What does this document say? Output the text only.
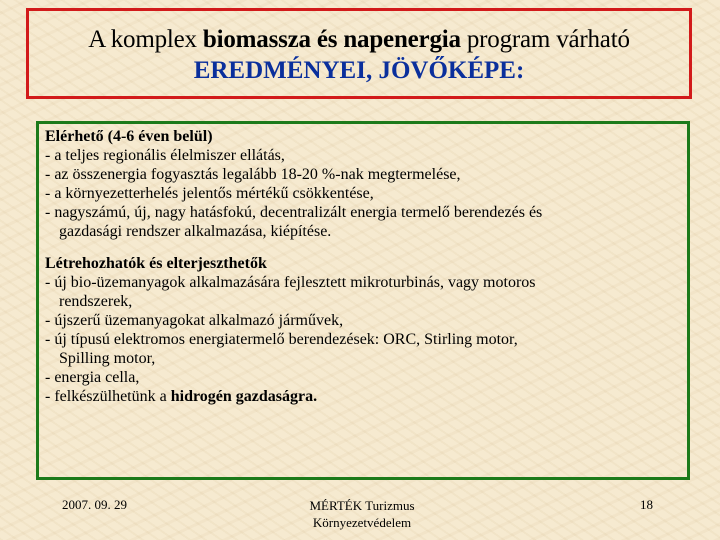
A komplex biomassza és napenergia program várható
EREDMÉNYEI, JÖVŐKÉPE:
Elérhető (4-6 éven belül)
- a teljes regionális élelmiszer ellátás,
- az összenergia fogyasztás legalább 18-20 %-nak megtermelése,
- a környezetterhelés jelentős mértékű csökkentése,
- nagyszámú, új, nagy hatásfokú, decentralizált energia termelő berendezés és
gazdasági rendszer alkalmazása, kiépítése.
Létrehozhatók és elterjeszthetők
- új bio-üzemanyagok alkalmazására fejlesztett mikroturbinás, vagy motoros
rendszerek,
- újszerű üzemanyagokat alkalmazó járművek,
- új típusú elektromos energiatermelő berendezések: ORC, Stirling motor,
Spilling motor,
- energia cella,
- felkészülhetünk a hidrogén gazdaságra.
2007. 09. 29	MÉRTÉK Turizmus
Környezetvédelem
18
